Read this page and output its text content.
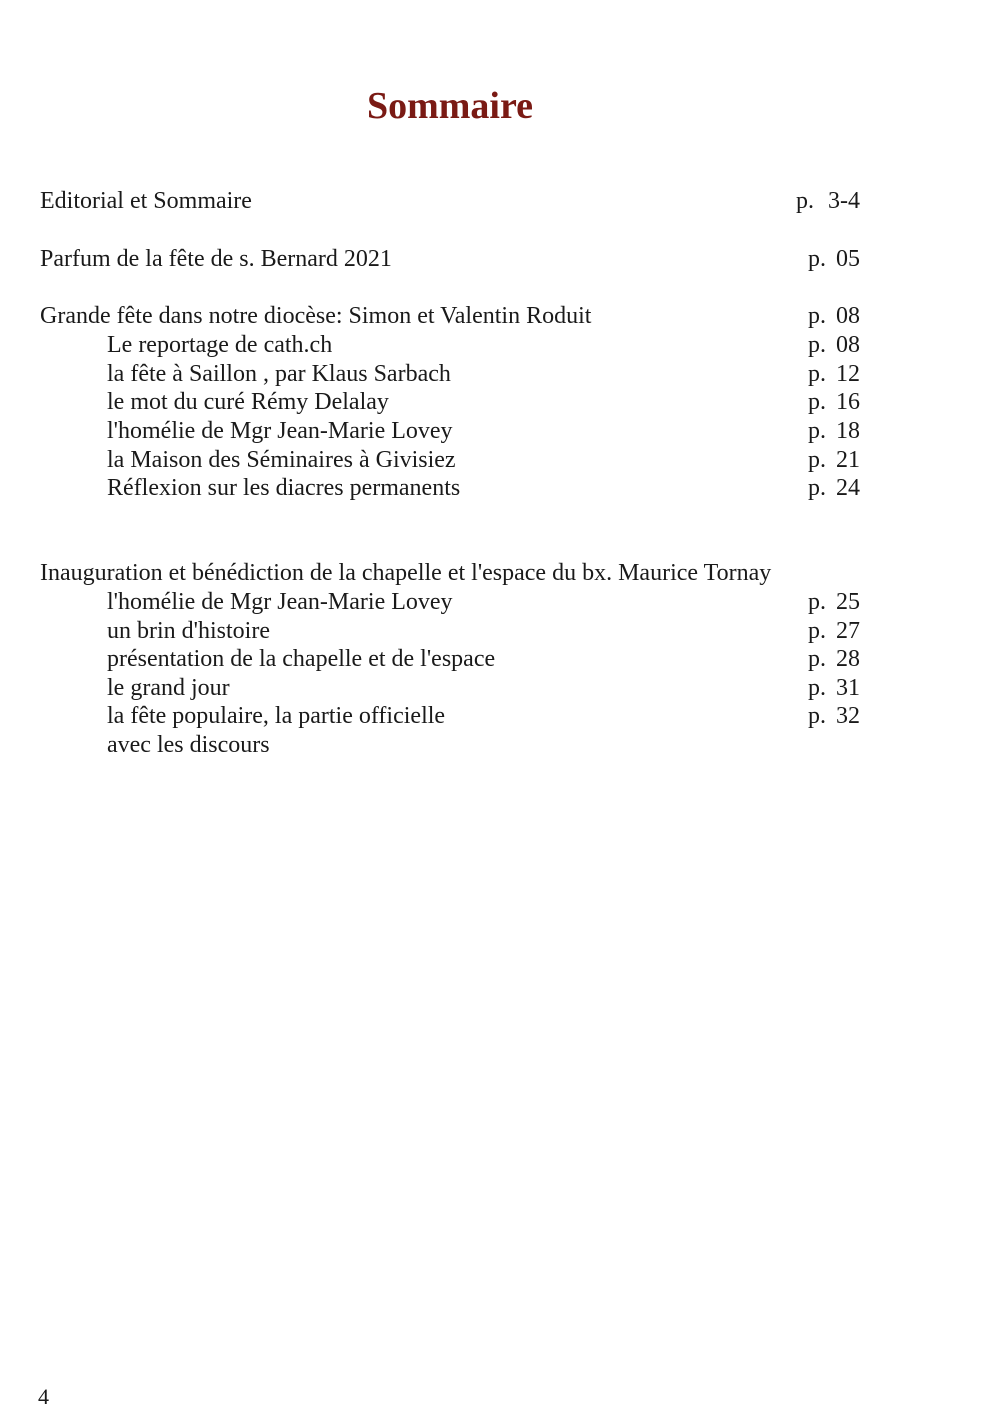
Sommaire
Editorial et Sommaire	p. 3-4
Parfum de la fête de s. Bernard 2021	p. 05
Grande fête dans notre diocèse: Simon et Valentin Roduit	p. 08
Le reportage de cath.ch	p. 08
la fête à Saillon , par Klaus Sarbach	p. 12
le mot du curé Rémy Delalay	p. 16
l'homélie de Mgr Jean-Marie Lovey	p. 18
la Maison des Séminaires à Givisiez	p. 21
Réflexion sur les diacres permanents	p. 24
Inauguration et bénédiction de la chapelle et l'espace du bx. Maurice Tornay
l'homélie de Mgr Jean-Marie Lovey	p. 25
un brin d'histoire	p. 27
présentation de la chapelle et de l'espace	p. 28
le grand jour	p. 31
la fête populaire, la partie officielle	p. 32
avec les discours
4
